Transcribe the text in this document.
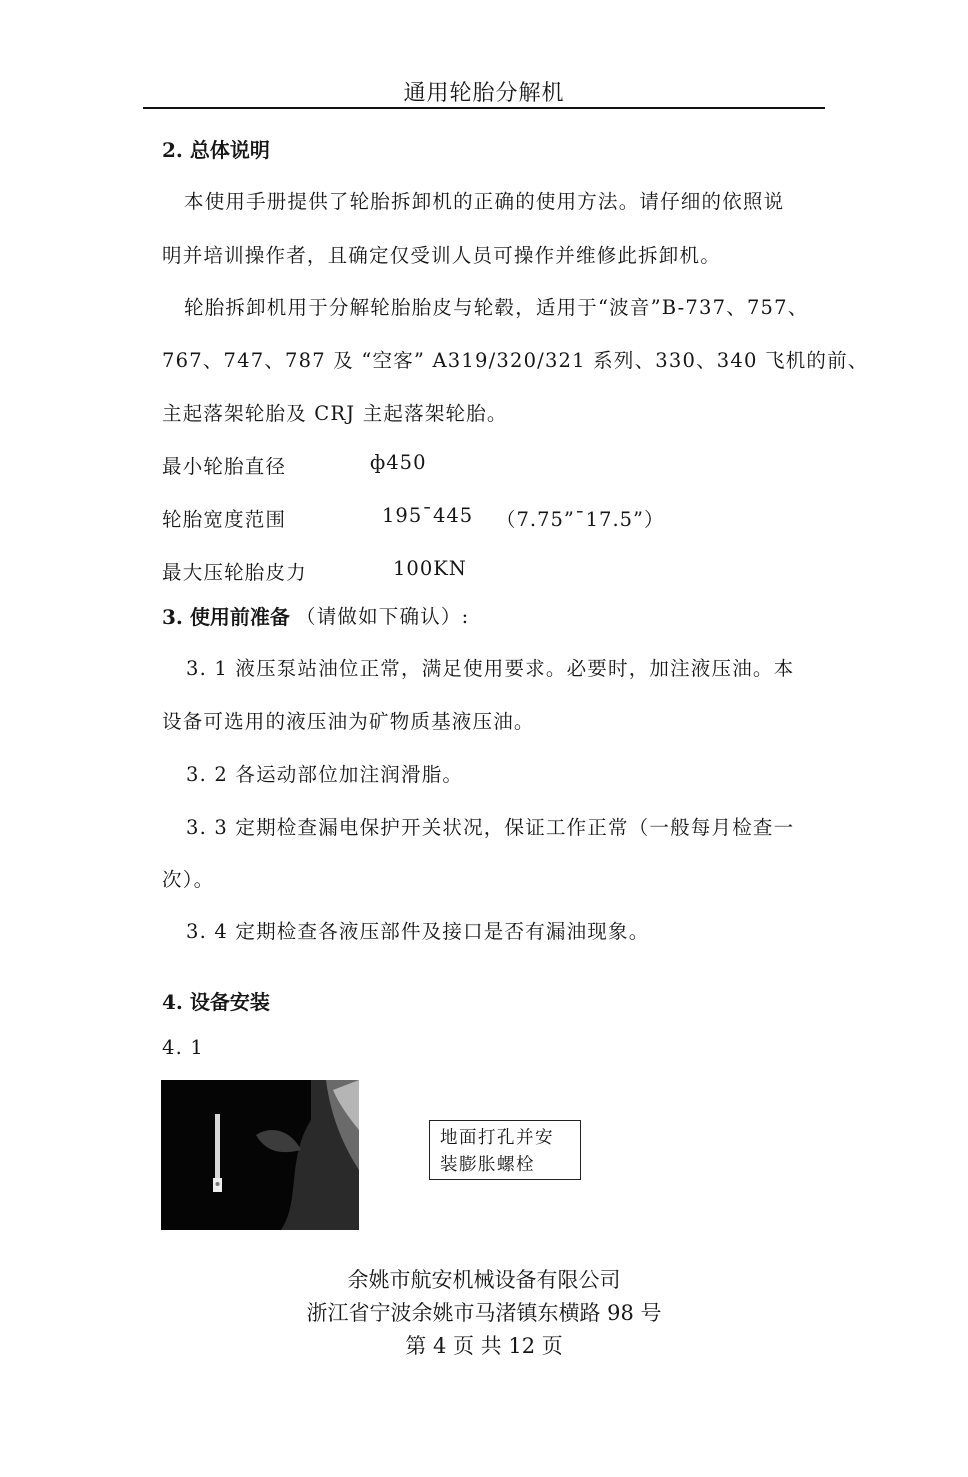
通用轮胎分解机
2. 总体说明
本使用手册提供了轮胎拆卸机的正确的使用方法。请仔细的依照说
明并培训操作者，且确定仅受训人员可操作并维修此拆卸机。
轮胎拆卸机用于分解轮胎胎皮与轮毂，适用于“波音”B-737、757、
767、747、787 及 “空客” A319/320/321 系列、330、340 飞机的前、
主起落架轮胎及 CRJ 主起落架轮胎。
最小轮胎直径	ф450
轮胎宽度范围	195¯445 （7.75”¯17.5”）
最大压轮胎皮力	100KN
3. 使用前准备 （请做如下确认）:
3. 1 液压泵站油位正常，满足使用要求。必要时，加注液压油。本
设备可选用的液压油为矿物质基液压油。
3. 2 各运动部位加注润滑脂。
3. 3 定期检查漏电保护开关状况，保证工作正常（一般每月检查一
次）。
3. 4 定期检查各液压部件及接口是否有漏油现象。
4. 设备安装
4. 1
地面打孔并安
装膨胀螺栓
余姚市航安机械设备有限公司
浙江省宁波余姚市马渚镇东横路 98 号
第 4 页 共 12 页
